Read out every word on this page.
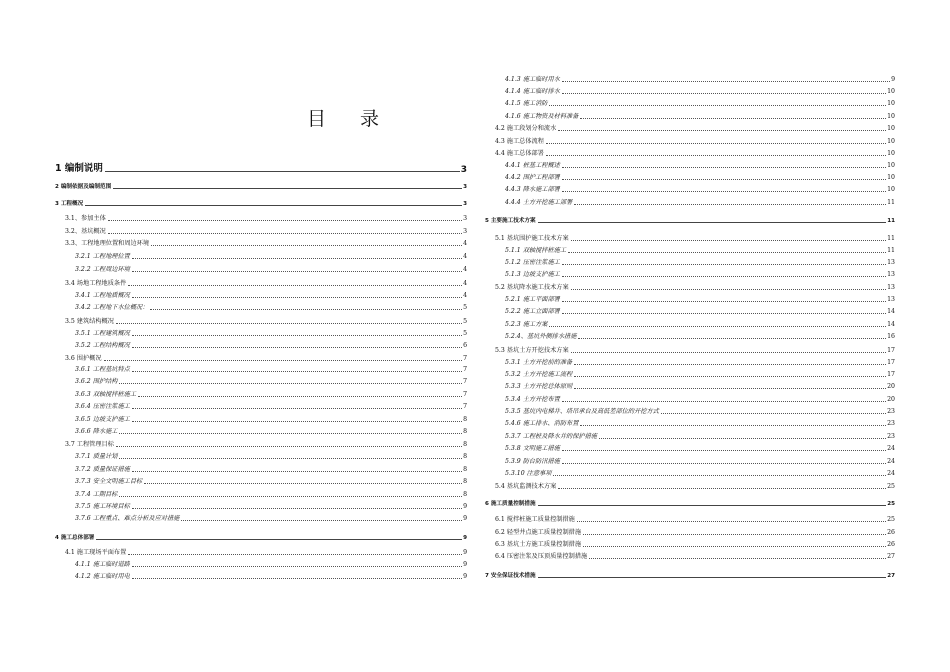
目 录
1 编制说明	3
2 编制依据及编制范围	3
3 工程概况	3
3.1、参加主体	3
3.2、基坑概况	3
3.3、工程地理位置和周边环境	4
3.2.1 工程地理位置	4
3.2.2 工程周边环境	4
3.4 场地工程地质条件	4
3.4.1 工程地质概况	4
3.4.2 工程地下水位概况：	5
3.5 建筑结构概况	5
3.5.1 工程建筑概况	5
3.5.2 工程结构概况	6
3.6 围护概况	7
3.6.1 工程基坑特点	7
3.6.2 围护结构	7
3.6.3 双轴搅拌桩施工	7
3.6.4 压密注浆施工	7
3.6.5 边坡支护施工	8
3.6.6 降水施工	8
3.7 工程管理目标	8
3.7.1 质量计划	8
3.7.2 质量保证措施	8
3.7.3 安全文明施工目标	8
3.7.4 工期目标	8
3.7.5 施工环境目标	9
3.7.6 工程重点、难点分析及应对措施	9
4 施工总体部署	9
4.1 施工现场平面布置	9
4.1.1 施工临时道路	9
4.1.2 施工临时用电	9
4.1.3 施工临时用水	9
4.1.4 施工临时排水	10
4.1.5 施工消防	10
4.1.6 施工物资及材料准备	10
4.2 施工段划分和流水	10
4.3 施工总体流程	10
4.4 施工总体部署	10
4.4.1 桩基工程概述	10
4.4.2 围护工程部署	10
4.4.3 降水施工部署	10
4.4.4 土方开挖施工部署	11
5 主要施工技术方案	11
5.1 基坑围护施工技术方案	11
5.1.1 双轴搅拌桩施工	11
5.1.2 压密注浆施工	13
5.1.3 边坡支护施工	13
5.2 基坑降水施工技术方案	13
5.2.1 施工平面部署	13
5.2.2 施工立面部署	14
5.2.3 施工方案	14
5.2.4、基坑外侧排水措施	16
5.3 基坑土方开挖技术方案	17
5.3.1 土方开挖前的准备	17
5.3.2 土方开挖施工流程	17
5.3.3 土方开挖总体原则	20
5.3.4 土方开挖布置	20
5.3.5 基坑内电梯井、塔吊承台及高低差部位的开挖方式	23
5.4.6 施工排水、消防布置	23
5.3.7 工程桩及降水井的保护措施	23
5.3.8 文明施工措施	24
5.3.9 防台防汛措施	24
5.3.10 注意事项	24
5.4 基坑监测技术方案	25
6 施工质量控制措施	25
6.1 搅拌桩施工质量控制措施	25
6.2 轻型井点施工质量控制措施	26
6.3 基坑土方施工质量控制措施	26
6.4 压密注浆及压顶质量控制措施	27
7 安全保证技术措施	27
